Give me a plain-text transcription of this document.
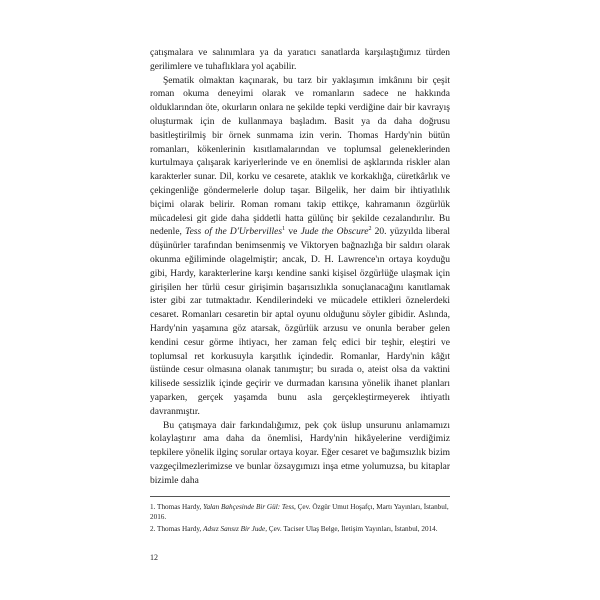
çatışmalara ve salınımlara ya da yaratıcı sanatlarda karşılaştığımız türden gerilimlere ve tuhaflıklara yol açabilir.

Şematik olmaktan kaçınarak, bu tarz bir yaklaşımın imkânını bir çeşit roman okuma deneyimi olarak ve romanların sadece ne hakkında olduklarından öte, okurların onlara ne şekilde tepki verdiğine dair bir kavrayış oluşturmak için de kullanmaya başladım. Basit ya da daha doğrusu basitleştirilmiş bir örnek sunmama izin verin. Thomas Hardy'nin bütün romanları, kökenlerinin kısıtlamalarından ve toplumsal geleneklerinden kurtulmaya çalışarak kariyerlerinde ve en önemlisi de aşklarında riskler alan karakterler sunar. Dil, korku ve cesarete, ataklık ve korkaklığa, cüretkârlık ve çekingenliğe göndermelerle dolup taşar. Bilgelik, her daim bir ihtiyatlılık biçimi olarak belirir. Roman romanı takip ettikçe, kahramanın özgürlük mücadelesi git gide daha şiddetli hatta gülünç bir şekilde cezalandırılır. Bu nedenle, Tess of the D'Urbervilles$^1$ ve Jude the Obscure$^2$ 20. yüzyılda liberal düşünürler tarafından benimsenmiş ve Viktoryen bağnazlığa bir saldırı olarak okunma eğiliminde olagelmiştir; ancak, D. H. Lawrence'ın ortaya koyduğu gibi, Hardy, karakterlerine karşı kendine sanki kişisel özgürlüğe ulaşmak için girişilen her türlü cesur girişimin başarısızlıkla sonuçlanacağını kanıtlamak ister gibi zar tutmaktadır. Kendilerindeki ve mücadele ettikleri öznelerdeki cesaret. Romanları cesaretin bir aptal oyunu olduğunu söyler gibidir. Aslında, Hardy'nin yaşamına göz atarsak, özgürlük arzusu ve onunla beraber gelen kendini cesur görme ihtiyacı, her zaman felç edici bir teşhir, eleştiri ve toplumsal ret korkusuyla karşıtlık içindedir. Romanlar, Hardy'nin kâğıt üstünde cesur olmasına olanak tanımıştır; bu sırada o, ateist olsa da vaktini kilisede sessizlik içinde geçirir ve durmadan karısına yönelik ihanet planları yaparken, gerçek yaşamda bunu asla gerçekleştirmeyerek ihtiyatlı davranmıştır.

Bu çatışmaya dair farkındalığımız, pek çok üslup unsurunu anlamamızı kolaylaştırır ama daha da önemlisi, Hardy'nin hikâyelerine verdiğimiz tepkilere yönelik ilginç sorular ortaya koyar. Eğer cesaret ve bağımsızlık bizim vazgeçilmezlerimizse ve bunlar özsaygımızı inşa etme yolumuzsa, bu kitaplar bizimle daha

1. Thomas Hardy, Yalan Bahçesinde Bir Gül: Tess, Çev. Özgür Umut Hoşafçı, Martı Yayınları, İstanbul, 2016.

2. Thomas Hardy, Adsız Sansız Bir Jude, Çev. Taciser Ulaş Belge, İletişim Yayınları, İstanbul, 2014.

12
